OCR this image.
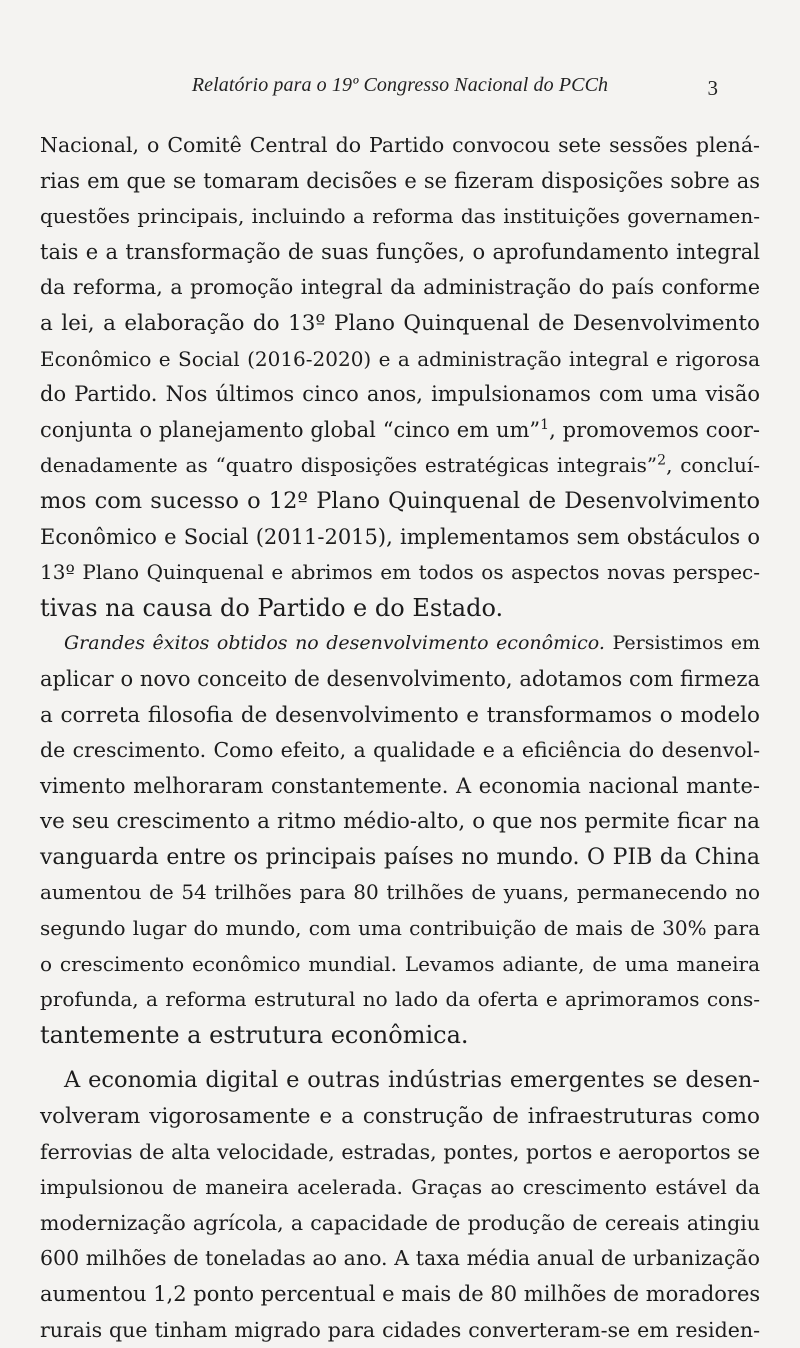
Relatório para o 19º Congresso Nacional do PCCh	3
Nacional, o Comitê Central do Partido convocou sete sessões plená-
rias em que se tomaram decisões e se fizeram disposições sobre as
questões principais, incluindo a reforma das instituições governamen-
tais e a transformação de suas funções, o aprofundamento integral
da reforma, a promoção integral da administração do país conforme
a lei, a elaboração do 13º Plano Quinquenal de Desenvolvimento
Econômico e Social (2016-2020) e a administração integral e rigorosa
do Partido. Nos últimos cinco anos, impulsionamos com uma visão
conjunta o planejamento global “cinco em um”$^1$, promovemos coor-
denadamente as “quatro disposições estratégicas integrais”$^2$, concluí-
mos com sucesso o 12º Plano Quinquenal de Desenvolvimento
Econômico e Social (2011-2015), implementamos sem obstáculos o
13º Plano Quinquenal e abrimos em todos os aspectos novas perspec-
tivas na causa do Partido e do Estado.
Grandes êxitos obtidos no desenvolvimento econômico. Persistimos em
aplicar o novo conceito de desenvolvimento, adotamos com firmeza
a correta filosofia de desenvolvimento e transformamos o modelo
de crescimento. Como efeito, a qualidade e a eficiência do desenvol-
vimento melhoraram constantemente. A economia nacional mante-
ve seu crescimento a ritmo médio-alto, o que nos permite ficar na
vanguarda entre os principais países no mundo. O PIB da China
aumentou de 54 trilhões para 80 trilhões de yuans, permanecendo no
segundo lugar do mundo, com uma contribuição de mais de 30% para
o crescimento econômico mundial. Levamos adiante, de uma maneira
profunda, a reforma estrutural no lado da oferta e aprimoramos cons-
tantemente a estrutura econômica.
A economia digital e outras indústrias emergentes se desen-
volveram vigorosamente e a construção de infraestruturas como
ferrovias de alta velocidade, estradas, pontes, portos e aeroportos se
impulsionou de maneira acelerada. Graças ao crescimento estável da
modernização agrícola, a capacidade de produção de cereais atingiu
600 milhões de toneladas ao ano. A taxa média anual de urbanização
aumentou 1,2 ponto percentual e mais de 80 milhões de moradores
rurais que tinham migrado para cidades converteram-se em residen-
